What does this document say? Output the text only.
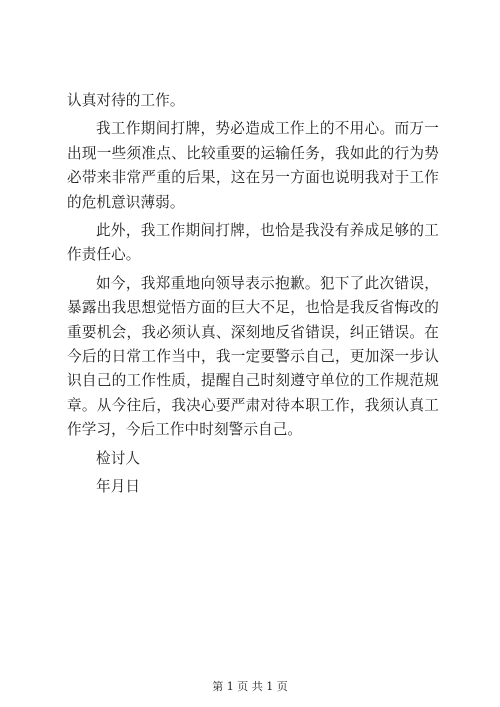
认真对待的工作。

我工作期间打牌，势必造成工作上的不用心。而万一出现一些须准点、比较重要的运输任务，我如此的行为势必带来非常严重的后果，这在另一方面也说明我对于工作的危机意识薄弱。

此外，我工作期间打牌，也恰是我没有养成足够的工作责任心。

如今，我郑重地向领导表示抱歉。犯下了此次错误，暴露出我思想觉悟方面的巨大不足，也恰是我反省悔改的重要机会，我必须认真、深刻地反省错误，纠正错误。在今后的日常工作当中，我一定要警示自己，更加深一步认识自己的工作性质，提醒自己时刻遵守单位的工作规范规章。从今往后，我决心要严肃对待本职工作，我须认真工作学习，今后工作中时刻警示自己。

检讨人

年月日

第 1 页 共 1 页
